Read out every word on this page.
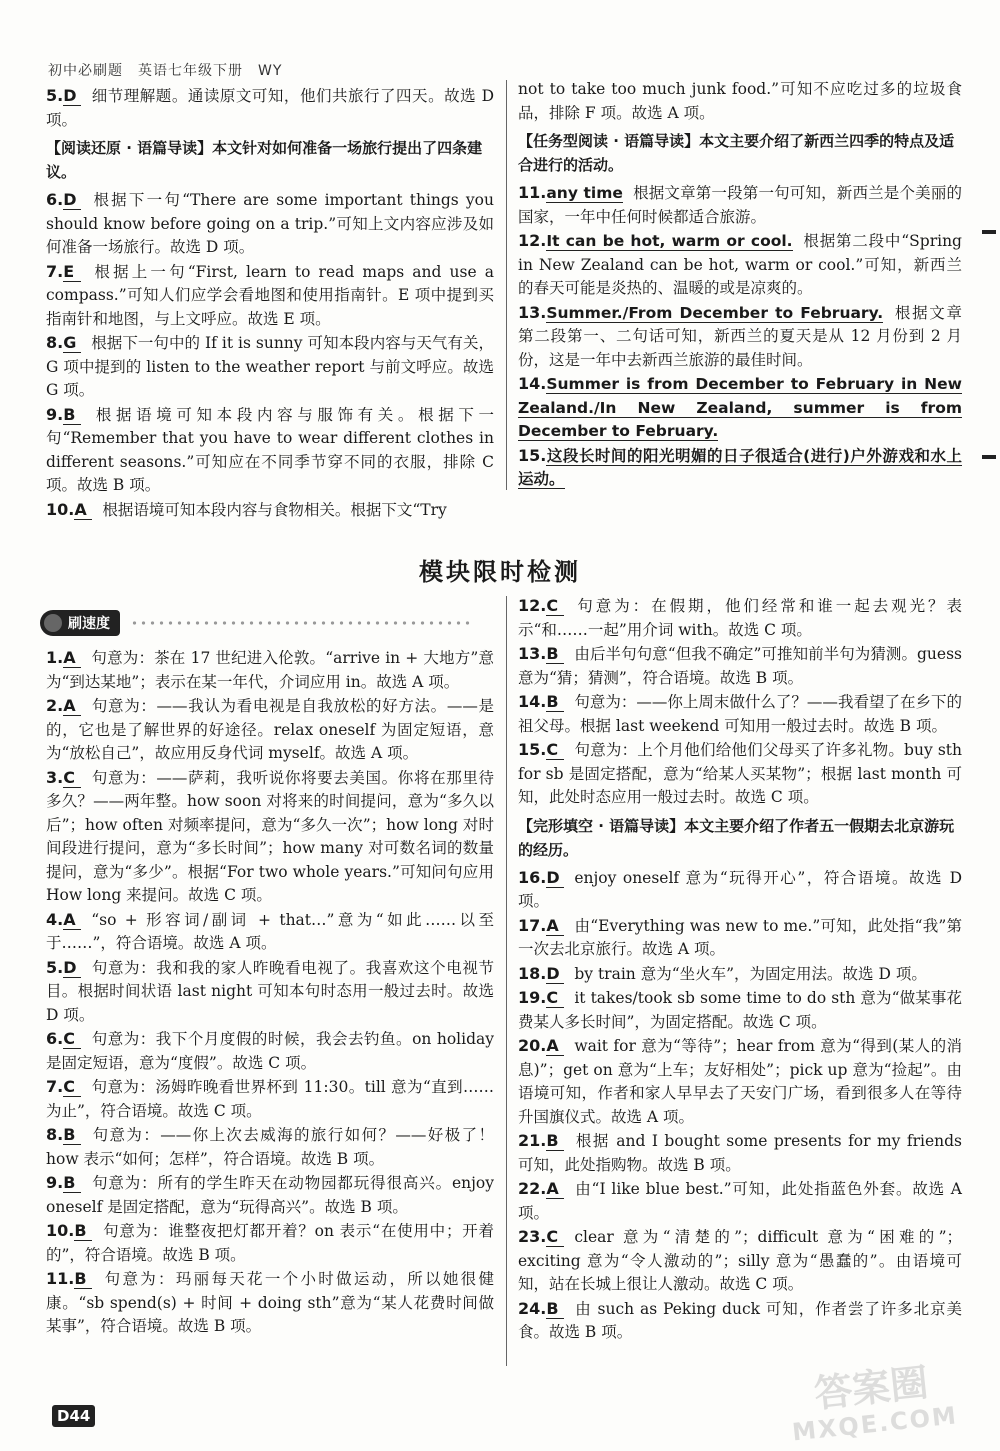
初中必刷题　英语七年级下册　WY
5.D 细节理解题。通读原文可知，他们共旅行了四天。故选 D 项。
【阅读还原 · 语篇导读】本文针对如何准备一场旅行提出了四条建议。
6.D 根据下一句“There are some important things you should know before going on a trip.”可知上文内容应涉及如何准备一场旅行。故选 D 项。
7.E 根据上一句“First, learn to read maps and use a compass.”可知人们应学会看地图和使用指南针。E 项中提到买指南针和地图，与上文呼应。故选 E 项。
8.G 根据下一句中的 If it is sunny 可知本段内容与天气有关，G 项中提到的 listen to the weather report 与前文呼应。故选 G 项。
9.B 根据语境可知本段内容与服饰有关。根据下一句“Remember that you have to wear different clothes in different seasons.”可知应在不同季节穿不同的衣服，排除 C 项。故选 B 项。
10.A 根据语境可知本段内容与食物相关。根据下文“Try
not to take too much junk food.”可知不应吃过多的垃圾食品，排除 F 项。故选 A 项。
【任务型阅读 · 语篇导读】本文主要介绍了新西兰四季的特点及适合进行的活动。
11.any time 根据文章第一段第一句可知，新西兰是个美丽的国家，一年中任何时候都适合旅游。
12.It can be hot, warm or cool. 根据第二段中“Spring in New Zealand can be hot, warm or cool.”可知，新西兰的春天可能是炎热的、温暖的或是凉爽的。
13.Summer./From December to February. 根据文章第二段第一、二句话可知，新西兰的夏天是从 12 月份到 2 月份，这是一年中去新西兰旅游的最佳时间。
14.Summer is from December to February in New Zealand./In New Zealand, summer is from December to February.
15.这段长时间的阳光明媚的日子很适合(进行)户外游戏和水上运动。
模块限时检测
刷速度
1.A 句意为：茶在 17 世纪进入伦敦。“arrive in + 大地方”意为“到达某地”；表示在某一年代，介词应用 in。故选 A 项。
2.A 句意为：——我认为看电视是自我放松的好方法。——是的，它也是了解世界的好途径。relax oneself 为固定短语，意为“放松自己”，故应用反身代词 myself。故选 A 项。
3.C 句意为：——萨莉，我听说你将要去美国。你将在那里待多久？——两年整。how soon 对将来的时间提问，意为“多久以后”；how often 对频率提问，意为“多久一次”；how long 对时间段进行提问，意为“多长时间”；how many 对可数名词的数量提问，意为“多少”。根据“For two whole years.”可知问句应用 How long 来提问。故选 C 项。
4.A “so + 形容词/副词 + that…”意为“如此……以至于……”，符合语境。故选 A 项。
5.D 句意为：我和我的家人昨晚看电视了。我喜欢这个电视节目。根据时间状语 last night 可知本句时态用一般过去时。故选 D 项。
6.C 句意为：我下个月度假的时候，我会去钓鱼。on holiday 是固定短语，意为“度假”。故选 C 项。
7.C 句意为：汤姆昨晚看世界杯到 11:30。till 意为“直到……为止”，符合语境。故选 C 项。
8.B 句意为：——你上次去威海的旅行如何？——好极了！how 表示“如何；怎样”，符合语境。故选 B 项。
9.B 句意为：所有的学生昨天在动物园都玩得很高兴。enjoy oneself 是固定搭配，意为“玩得高兴”。故选 B 项。
10.B 句意为：谁整夜把灯都开着？on 表示“在使用中；开着的”，符合语境。故选 B 项。
11.B 句意为：玛丽每天花一个小时做运动，所以她很健康。“sb spend(s) + 时间 + doing sth”意为“某人花费时间做某事”，符合语境。故选 B 项。
12.C 句意为：在假期，他们经常和谁一起去观光？表示“和……一起”用介词 with。故选 C 项。
13.B 由后半句句意“但我不确定”可推知前半句为猜测。guess 意为“猜；猜测”，符合语境。故选 B 项。
14.B 句意为：——你上周末做什么了？——我看望了在乡下的祖父母。根据 last weekend 可知用一般过去时。故选 B 项。
15.C 句意为：上个月他们给他们父母买了许多礼物。buy sth for sb 是固定搭配，意为“给某人买某物”；根据 last month 可知，此处时态应用一般过去时。故选 C 项。
【完形填空 · 语篇导读】本文主要介绍了作者五一假期去北京游玩的经历。
16.D enjoy oneself 意为“玩得开心”，符合语境。故选 D 项。
17.A 由“Everything was new to me.”可知，此处指“我”第一次去北京旅行。故选 A 项。
18.D by train 意为“坐火车”，为固定用法。故选 D 项。
19.C it takes/took sb some time to do sth 意为“做某事花费某人多长时间”，为固定搭配。故选 C 项。
20.A wait for 意为“等待”；hear from 意为“得到(某人的消息)”；get on 意为“上车；友好相处”；pick up 意为“捡起”。由语境可知，作者和家人早早去了天安门广场，看到很多人在等待升国旗仪式。故选 A 项。
21.B 根据 and I bought some presents for my friends 可知，此处指购物。故选 B 项。
22.A 由“I like blue best.”可知，此处指蓝色外套。故选 A 项。
23.C clear 意为“清楚的”；difficult 意为“困难的”；exciting 意为“令人激动的”；silly 意为“愚蠢的”。由语境可知，站在长城上很让人激动。故选 C 项。
24.B 由 such as Peking duck 可知，作者尝了许多北京美食。故选 B 项。
D44
答案圈
MXQE.COM
